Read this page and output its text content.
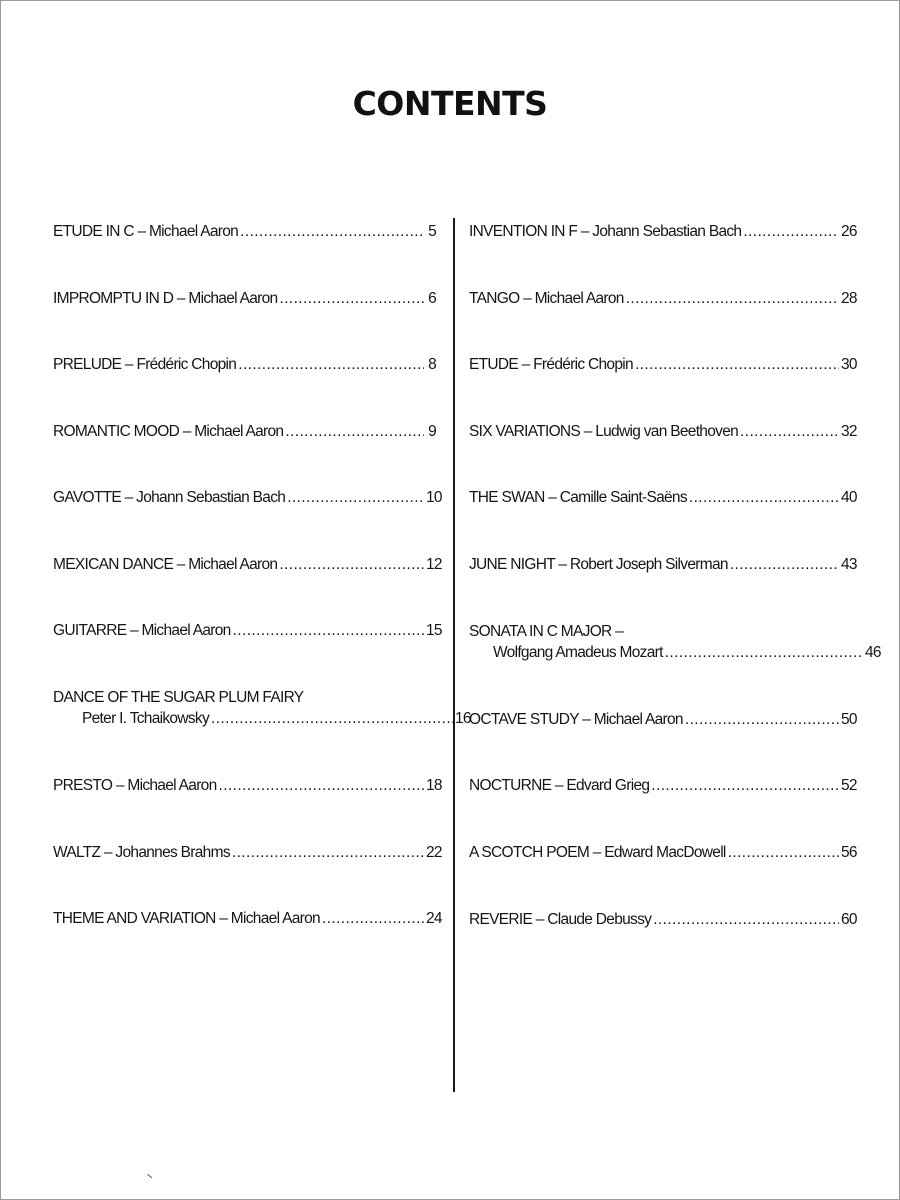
CONTENTS
ETUDE IN C – Michael Aaron .....	5
IMPROMPTU IN D – Michael Aaron .....	6
PRELUDE – Frédéric Chopin .....	8
ROMANTIC MOOD – Michael Aaron .....	9
GAVOTTE – Johann Sebastian Bach .....	10
MEXICAN DANCE – Michael Aaron .....	12
GUITARRE – Michael Aaron .....	15
DANCE OF THE SUGAR PLUM FAIRY
Peter I. Tchaikowsky .....	16
PRESTO – Michael Aaron .....	18
WALTZ – Johannes Brahms .....	22
THEME AND VARIATION – Michael Aaron .....	24
INVENTION IN F – Johann Sebastian Bach .....	26
TANGO – Michael Aaron .....	28
ETUDE – Frédéric Chopin .....	30
SIX VARIATIONS – Ludwig van Beethoven .....	32
THE SWAN – Camille Saint-Saëns .....	40
JUNE NIGHT – Robert Joseph Silverman .....	43
SONATA IN C MAJOR –
Wolfgang Amadeus Mozart .....	46
OCTAVE STUDY – Michael Aaron .....	50
NOCTURNE – Edvard Grieg .....	52
A SCOTCH POEM – Edward MacDowell .....	56
REVERIE – Claude Debussy .....	60
